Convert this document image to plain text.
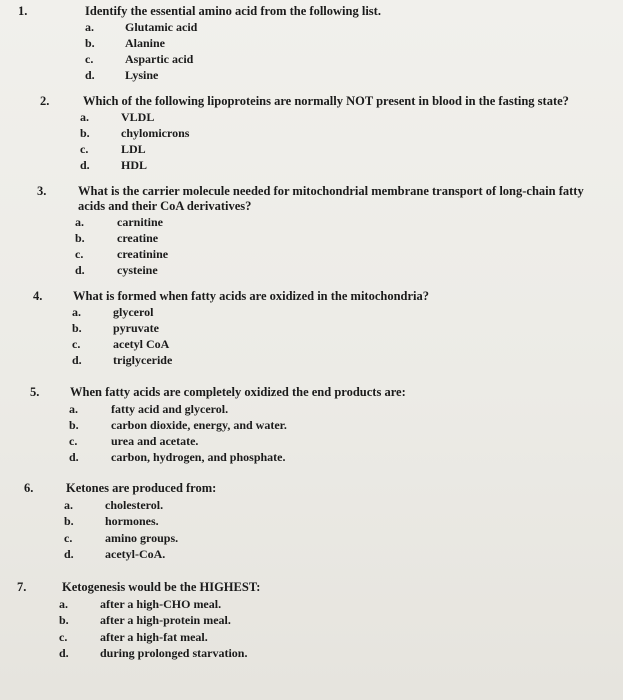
1.	Identify the essential amino acid from the following list.
a.	Glutamic acid
b.	Alanine
c.	Aspartic acid
d.	Lysine
2.	Which of the following lipoproteins are normally NOT present in blood in the fasting state?
a.	VLDL
b.	chylomicrons
c.	LDL
d.	HDL
3.	What is the carrier molecule needed for mitochondrial membrane transport of long-chain fatty
acids and their CoA derivatives?
a.	carnitine
b.	creatine
c.	creatinine
d.	cysteine
4. What is formed when fatty acids are oxidized in the mitochondria?
a.	glycerol
b.	pyruvate
c.	acetyl CoA
d.	triglyceride
5. When fatty acids are completely oxidized the end products are:
a.	fatty acid and glycerol.
b.	carbon dioxide, energy, and water.
c.	urea and acetate.
d.	carbon, hydrogen, and phosphate.
6.	Ketones are produced from:
a.	cholesterol.
b.	hormones.
c.	amino groups.
d.	acetyl-CoA.
7.	Ketogenesis would be the HIGHEST:
a.	after a high-CHO meal.
b.	after a high-protein meal.
c.	after a high-fat meal.
d.	during prolonged starvation.
